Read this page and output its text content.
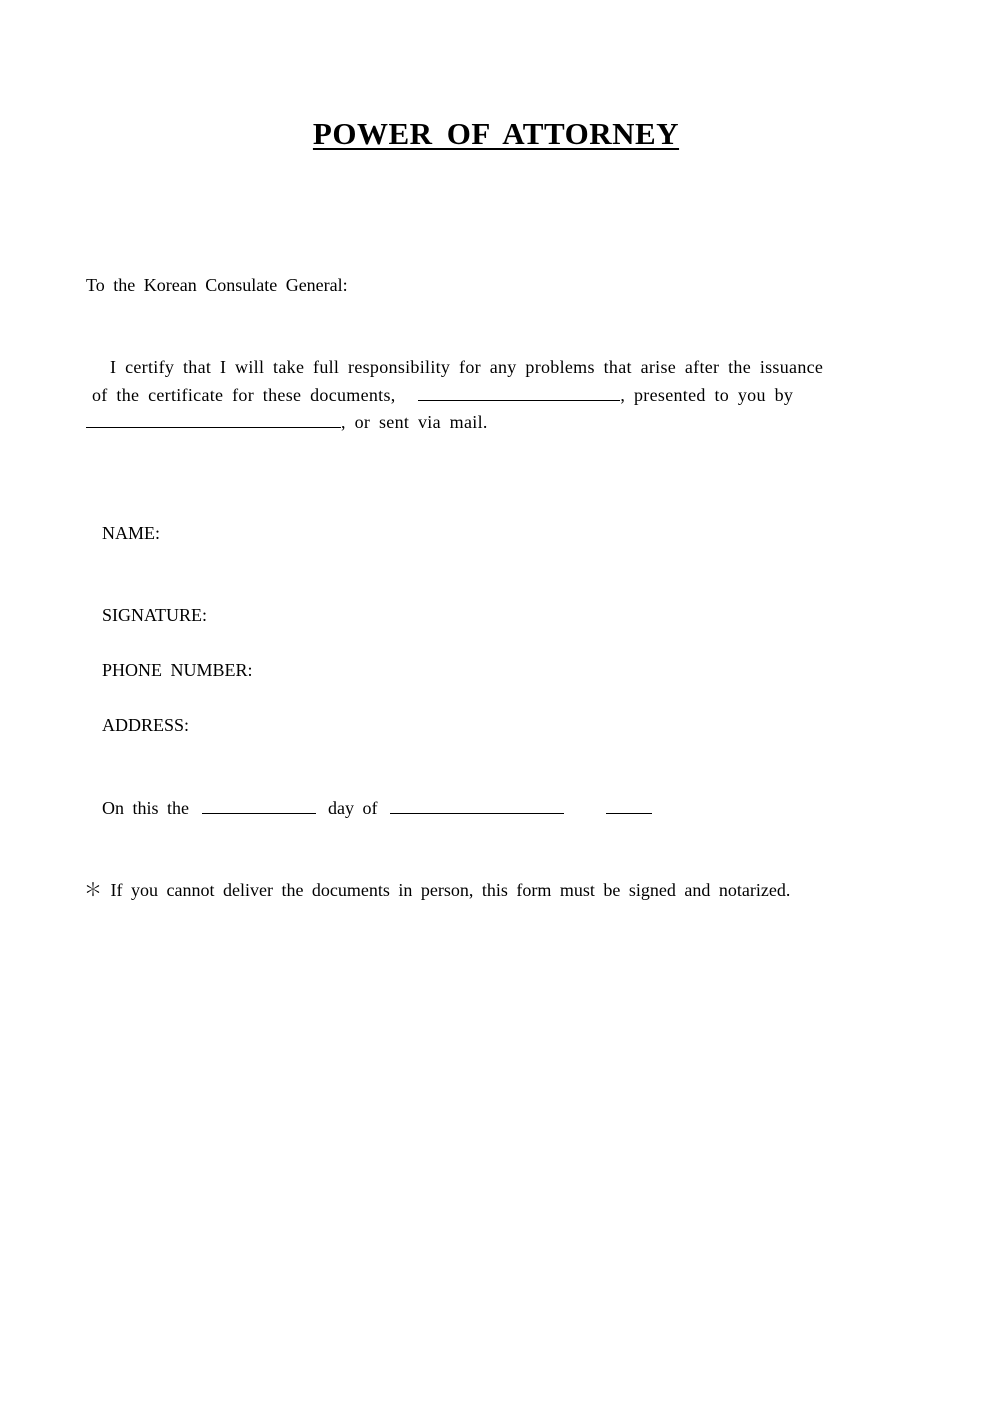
POWER OF ATTORNEY
To the Korean Consulate General:
I certify that I will take full responsibility for any problems that arise after the issuance
of the certificate for these documents,	, presented to you by
, or sent via mail.
NAME:
SIGNATURE:
PHONE NUMBER:
ADDRESS:
On this the	day of
＊ If you cannot deliver the documents in person, this form must be signed and notarized.
